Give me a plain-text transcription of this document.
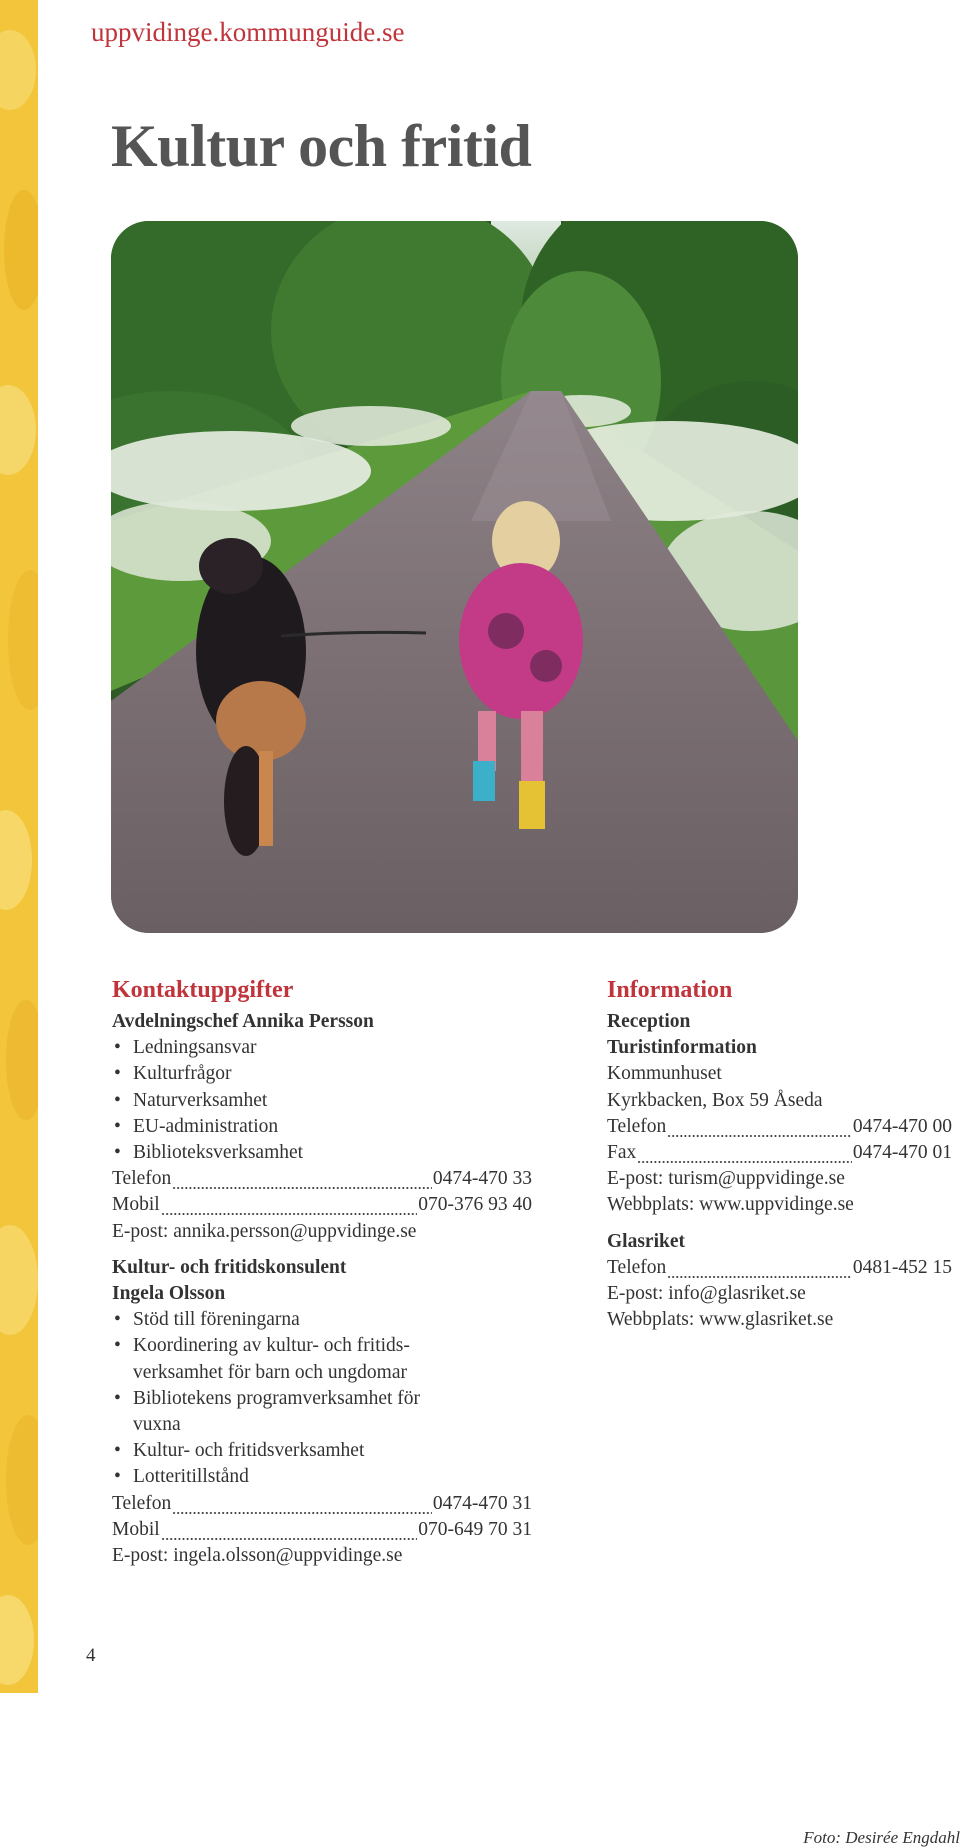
uppvidinge.kommunguide.se
Kultur och fritid
Foto: Desirée Engdahl
Kontaktuppgifter
Avdelningschef Annika Persson
• Ledningsansvar
• Kulturfrågor
• Naturverksamhet
• EU-administration
• Biblioteksverksamhet
Telefon	0474-470 33
Mobil	070-376 93 40
E-post: annika.persson@uppvidinge.se
Kultur- och fritidskonsulent
Ingela Olsson
• Stöd till föreningarna
• Koordinering av kultur- och fritids-verksamhet för barn och ungdomar
• Bibliotekens programverksamhet för vuxna
• Kultur- och fritidsverksamhet
• Lotteritillstånd
Telefon	0474-470 31
Mobil	070-649 70 31
E-post: ingela.olsson@uppvidinge.se
Information
Reception
Turistinformation
Kommunhuset
Kyrkbacken, Box 59 Åseda
Telefon	0474-470 00
Fax	0474-470 01
E-post: turism@uppvidinge.se
Webbplats: www.uppvidinge.se
Glasriket
Telefon	0481-452 15
E-post: info@glasriket.se
Webbplats: www.glasriket.se
4
